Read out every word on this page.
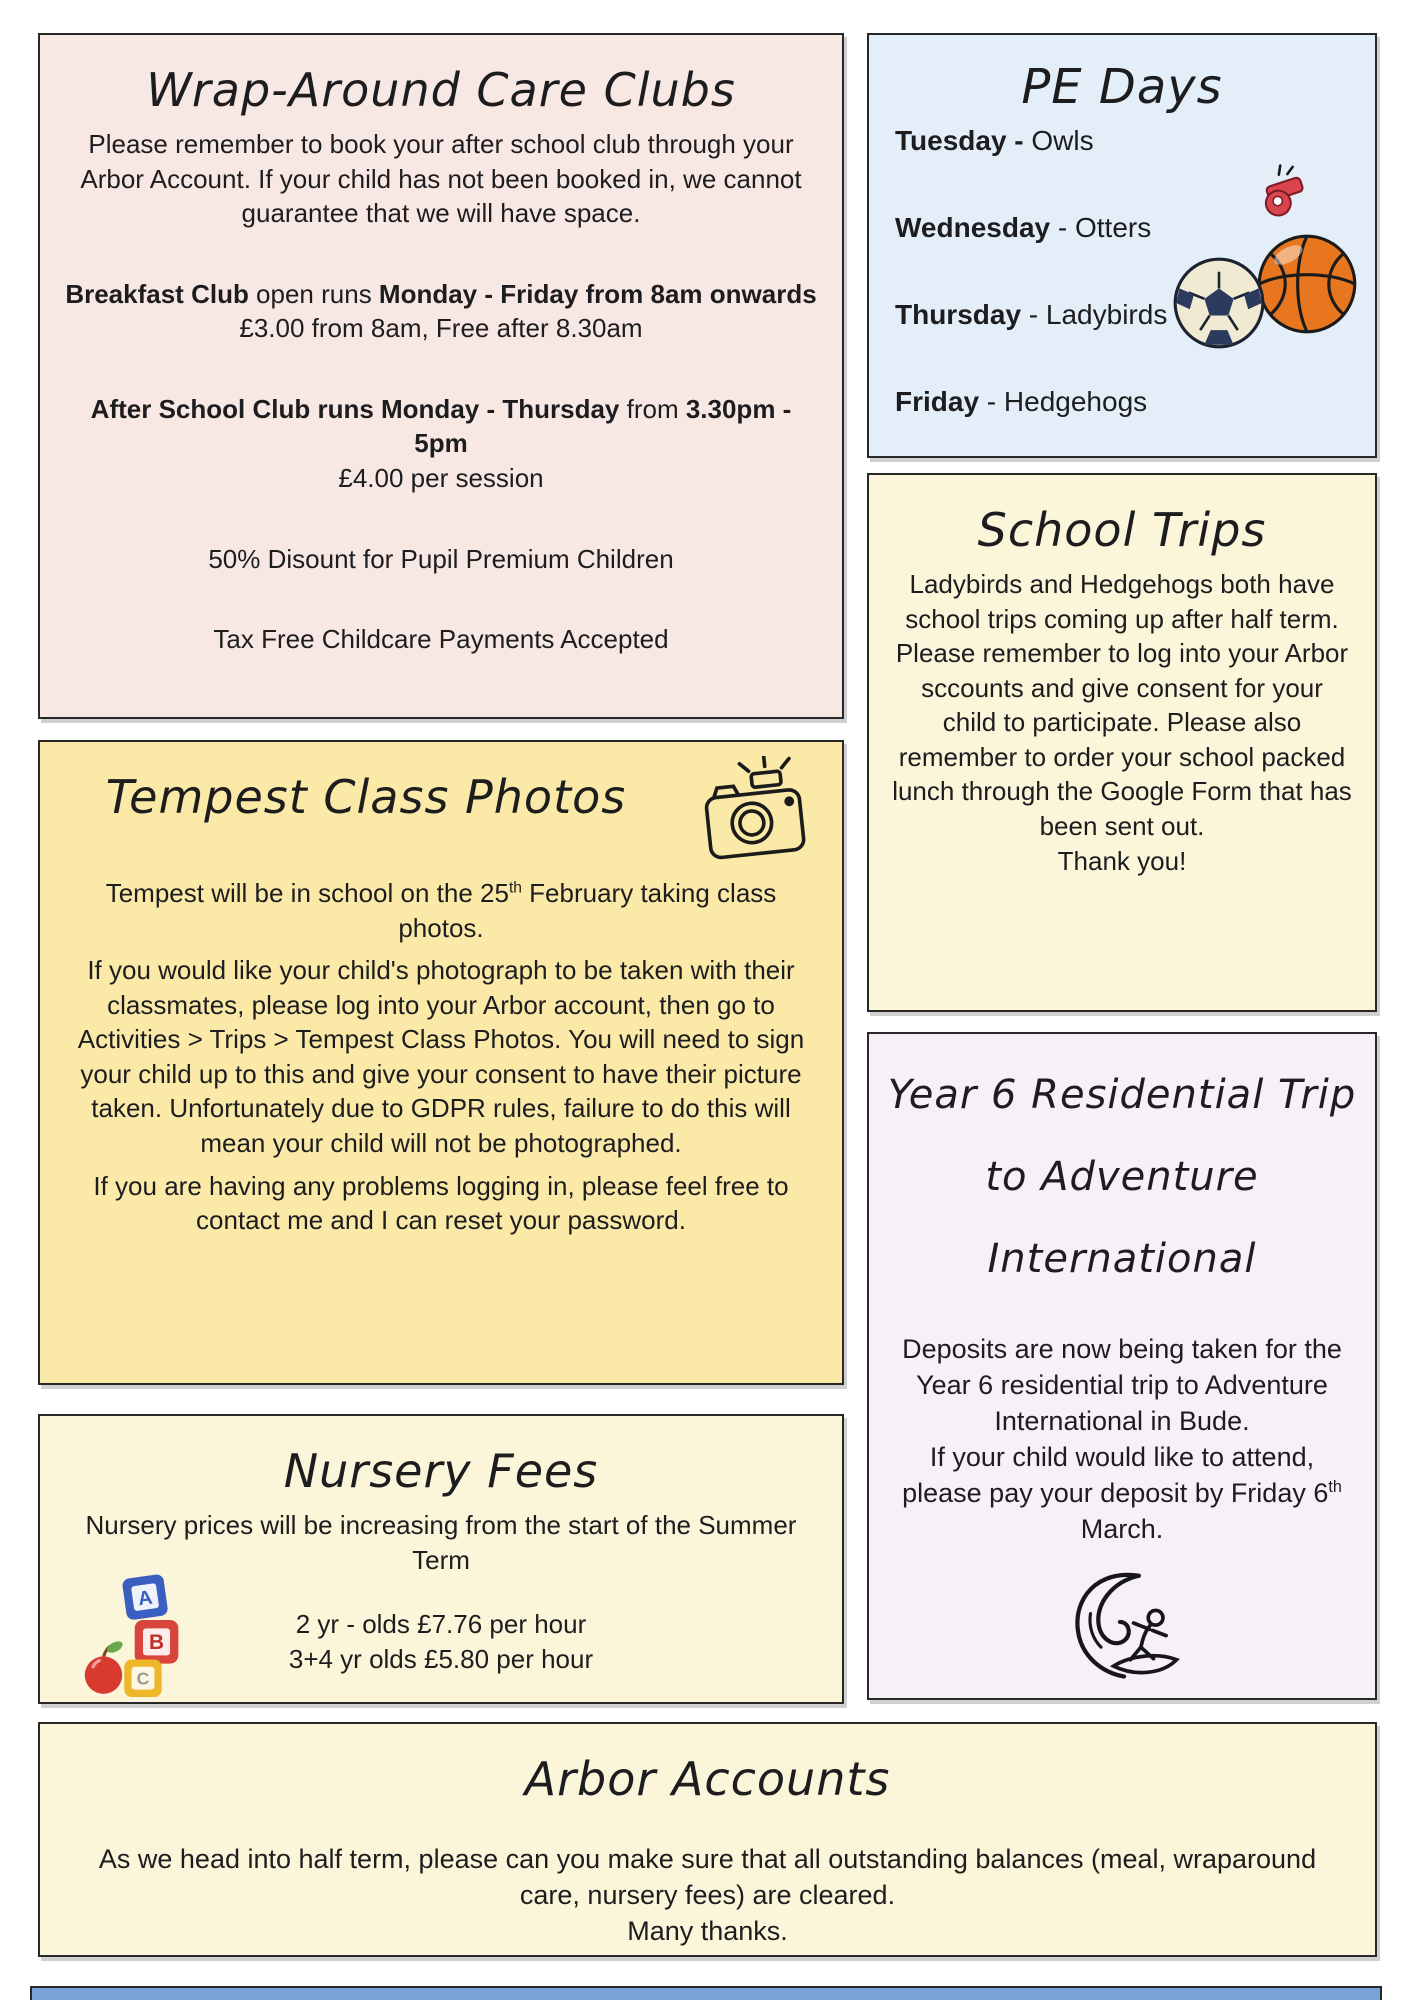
Wrap-Around Care Clubs
Please remember to book your after school club through your Arbor Account. If your child has not been booked in, we cannot guarantee that we will have space.
Breakfast Club open runs Monday - Friday from 8am onwards
£3.00 from 8am, Free after 8.30am
After School Club runs Monday - Thursday from 3.30pm - 5pm
£4.00 per session
50% Disount for Pupil Premium Children
Tax Free Childcare Payments Accepted
PE Days
Tuesday - Owls
Wednesday - Otters
Thursday - Ladybirds
Friday - Hedgehogs
Tempest Class Photos
Tempest will be in school on the 25th February taking class photos.
If you would like your child's photograph to be taken with their classmates, please log into your Arbor account, then go to Activities > Trips > Tempest Class Photos. You will need to sign your child up to this and give your consent to have their picture taken. Unfortunately due to GDPR rules, failure to do this will mean your child will not be photographed.
If you are having any problems logging in, please feel free to contact me and I can reset your password.
School Trips
Ladybirds and Hedgehogs both have school trips coming up after half term. Please remember to log into your Arbor sccounts and give consent for your child to participate. Please also remember to order your school packed lunch through the Google Form that has been sent out.
Thank you!
Year 6 Residential Trip
to Adventure
International
Deposits are now being taken for the Year 6 residential trip to Adventure International in Bude.
If your child would like to attend, please pay your deposit by Friday 6th March.
Nursery Fees
Nursery prices will be increasing from the start of the Summer Term
2 yr - olds £7.76 per hour
3+4 yr olds £5.80 per hour
A
B
C
Arbor Accounts
As we head into half term, please can you make sure that all outstanding balances (meal, wraparound care, nursery fees) are cleared.
Many thanks.
